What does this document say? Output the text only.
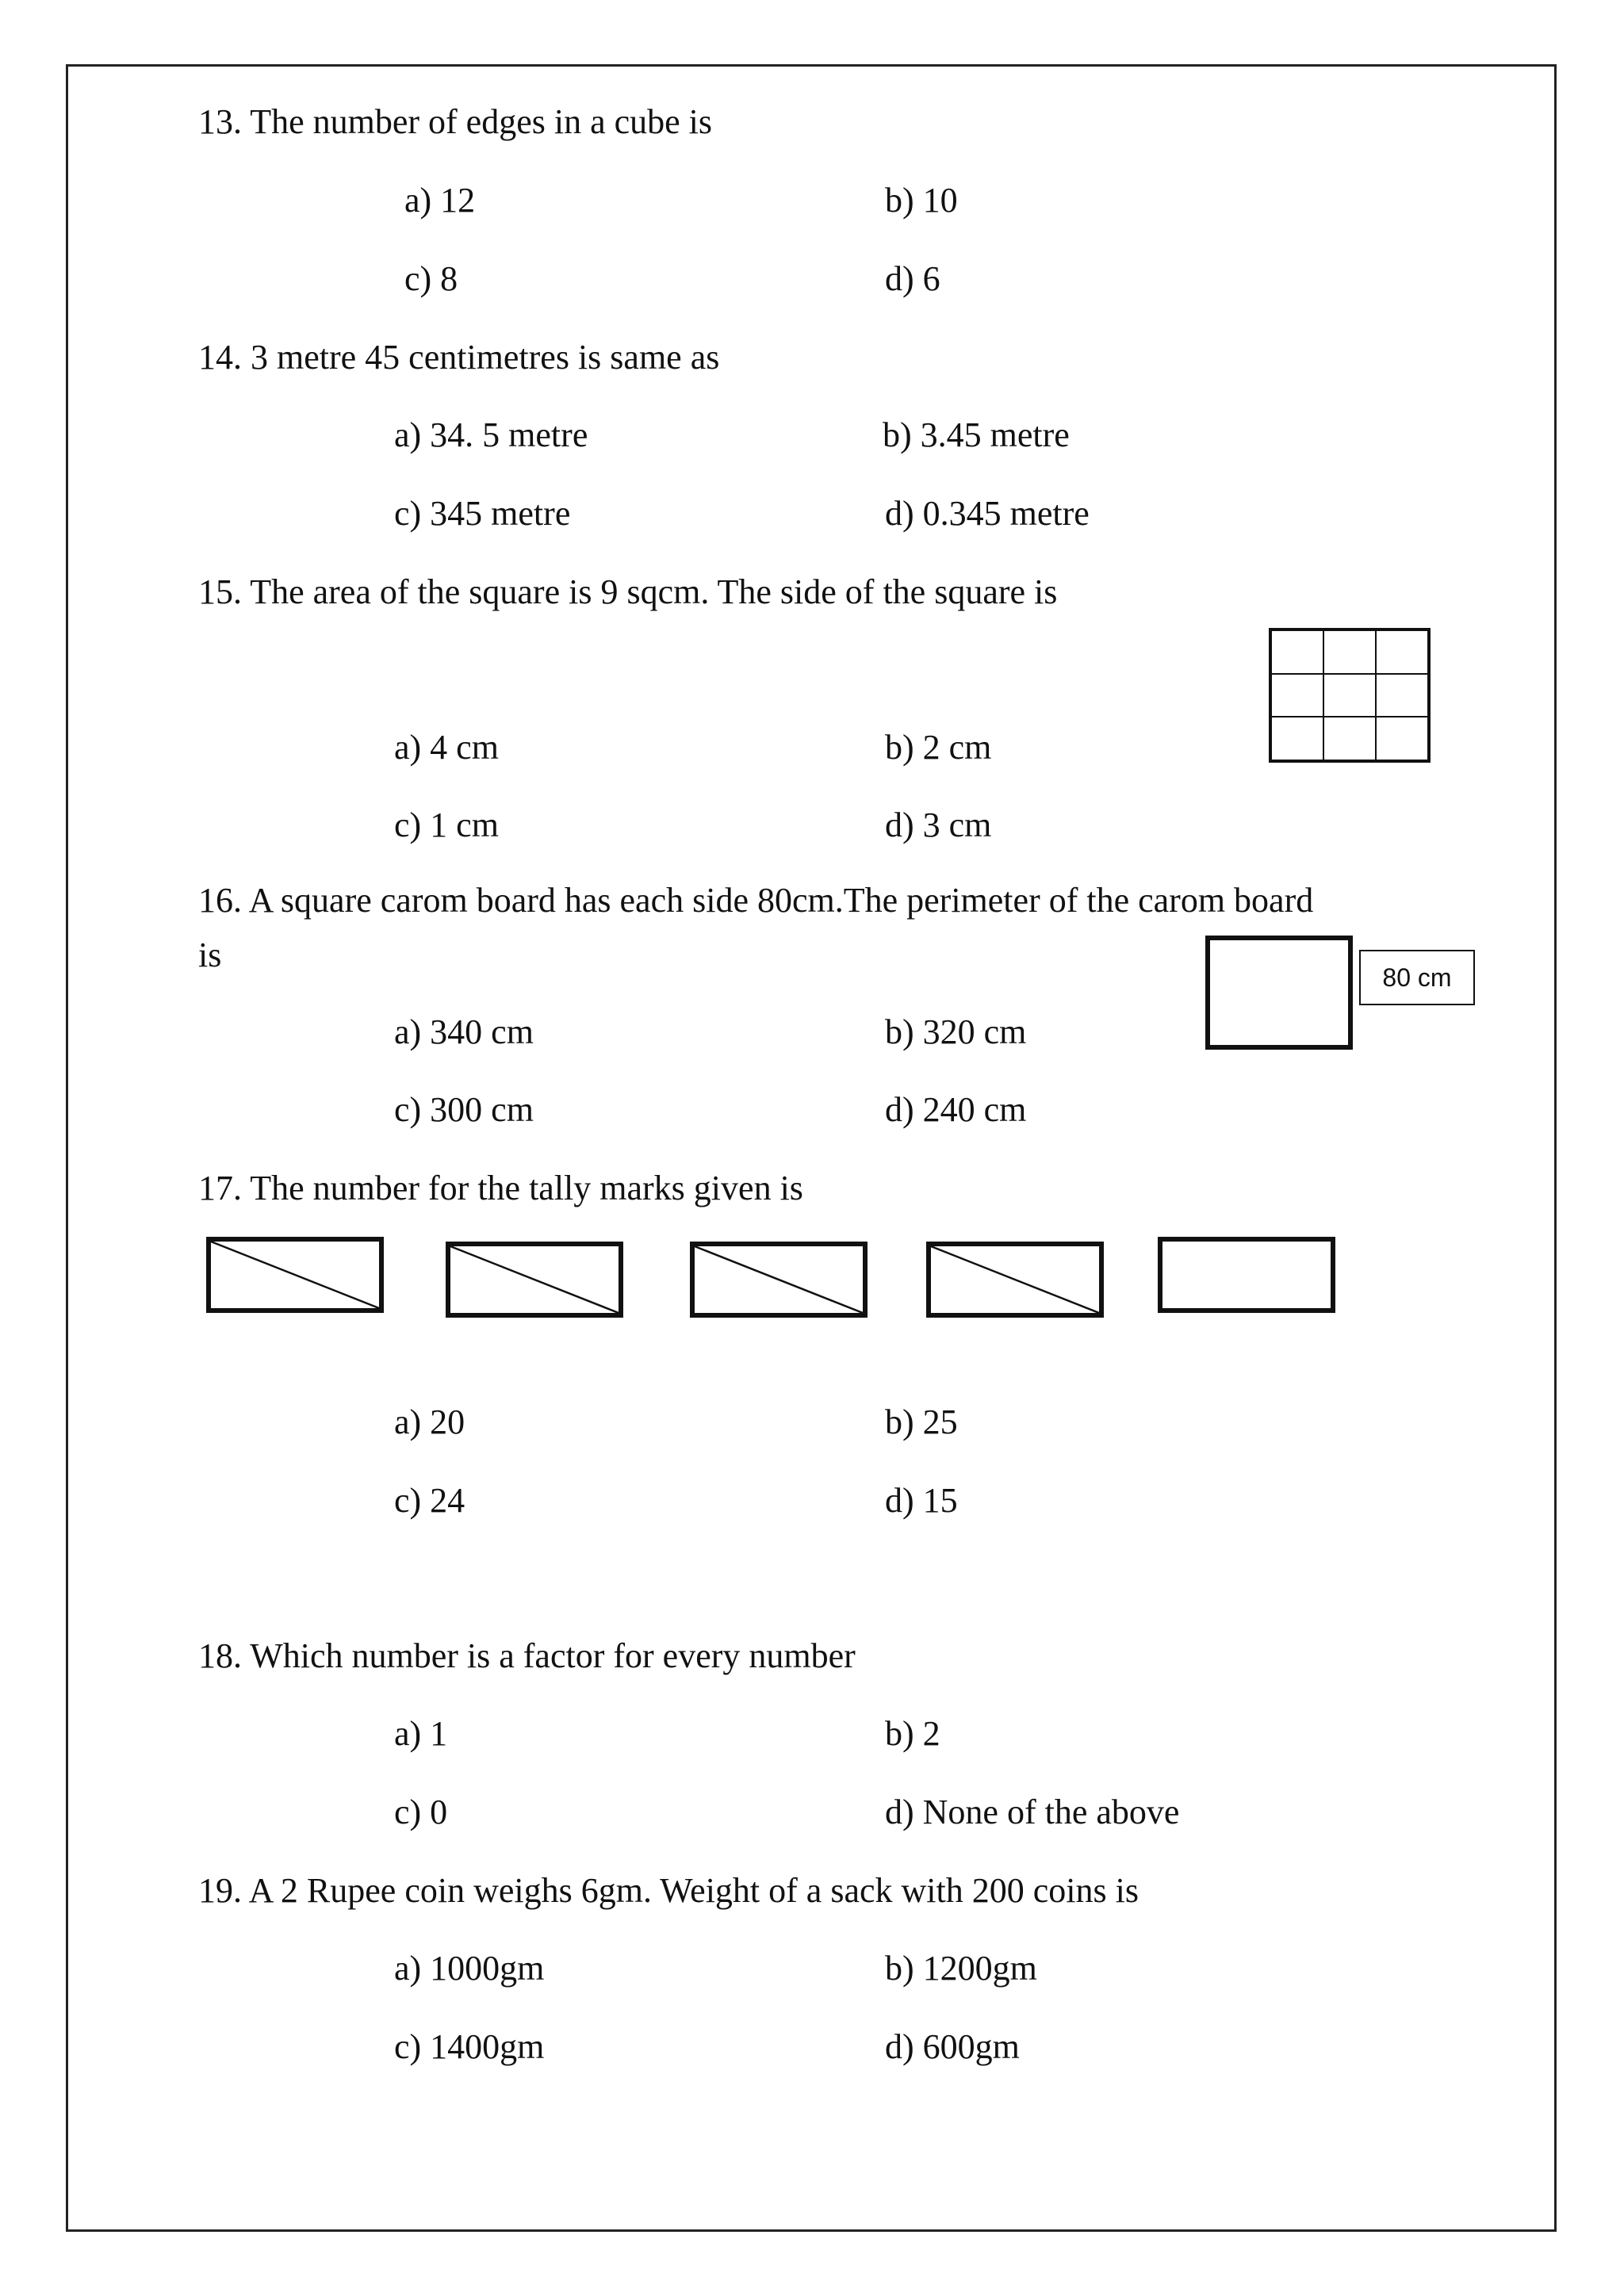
13. The number of edges in a cube is
a) 12	b) 10
c) 8	d) 6
14. 3 metre 45 centimetres is same as
a) 34. 5 metre	b) 3.45 metre
c) 345 metre	d) 0.345 metre
15. The area of the square is 9 sqcm. The side of the square is
a) 4 cm	b) 2 cm
c) 1 cm	d) 3 cm
16. A square carom board has each side 80cm.The perimeter of the carom board
is
80 cm
a) 340 cm	b) 320 cm
c) 300 cm	d) 240 cm
17. The number for the tally marks given is
a) 20	b) 25
c) 24	d) 15
18. Which number is a factor for every number
a) 1	b) 2
c) 0	d) None of the above
19. A 2 Rupee coin weighs 6gm. Weight of a sack with 200 coins is
a) 1000gm	b) 1200gm
c) 1400gm	d) 600gm
